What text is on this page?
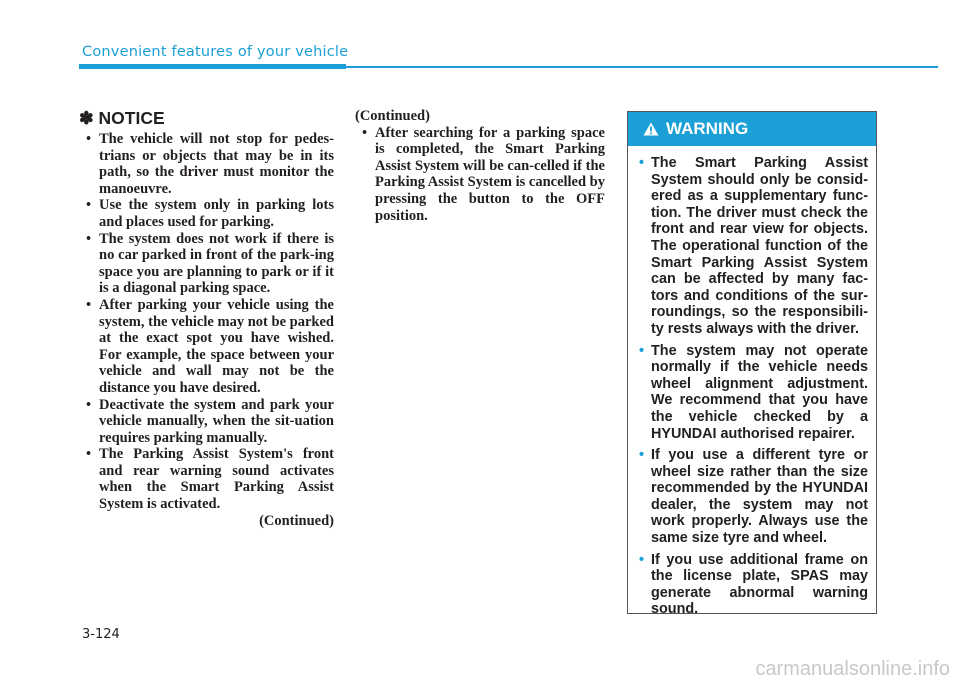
Convenient features of your vehicle
✽ NOTICE
• The vehicle will not stop for pedes-trians or objects that may be in its path, so the driver must monitor the manoeuvre.
• Use the system only in parking lots and places used for parking.
• The system does not work if there is no car parked in front of the park-ing space you are planning to park or if it is a diagonal parking space.
• After parking your vehicle using the system, the vehicle may not be parked at the exact spot you have wished. For example, the space between your vehicle and wall may not be the distance you have desired.
• Deactivate the system and park your vehicle manually, when the sit-uation requires parking manually.
• The Parking Assist System's front and rear warning sound activates when the Smart Parking Assist System is activated.
(Continued)
(Continued)
• After searching for a parking space is completed, the Smart Parking Assist System will be can-celled if the Parking Assist System is cancelled by pressing the button to the OFF position.
WARNING
• The Smart Parking Assist System should only be consid-ered as a supplementary func-tion. The driver must check the front and rear view for objects. The operational function of the Smart Parking Assist System can be affected by many fac-tors and conditions of the sur-roundings, so the responsibili-ty rests always with the driver.
• The system may not operate normally if the vehicle needs wheel alignment adjustment. We recommend that you have the vehicle checked by a HYUNDAI authorised repairer.
• If you use a different tyre or wheel size rather than the size recommended by the HYUNDAI dealer, the system may not work properly. Always use the same size tyre and wheel.
• If you use additional frame on the license plate, SPAS may generate abnormal warning sound.
3-124
carmanualsonline.info
